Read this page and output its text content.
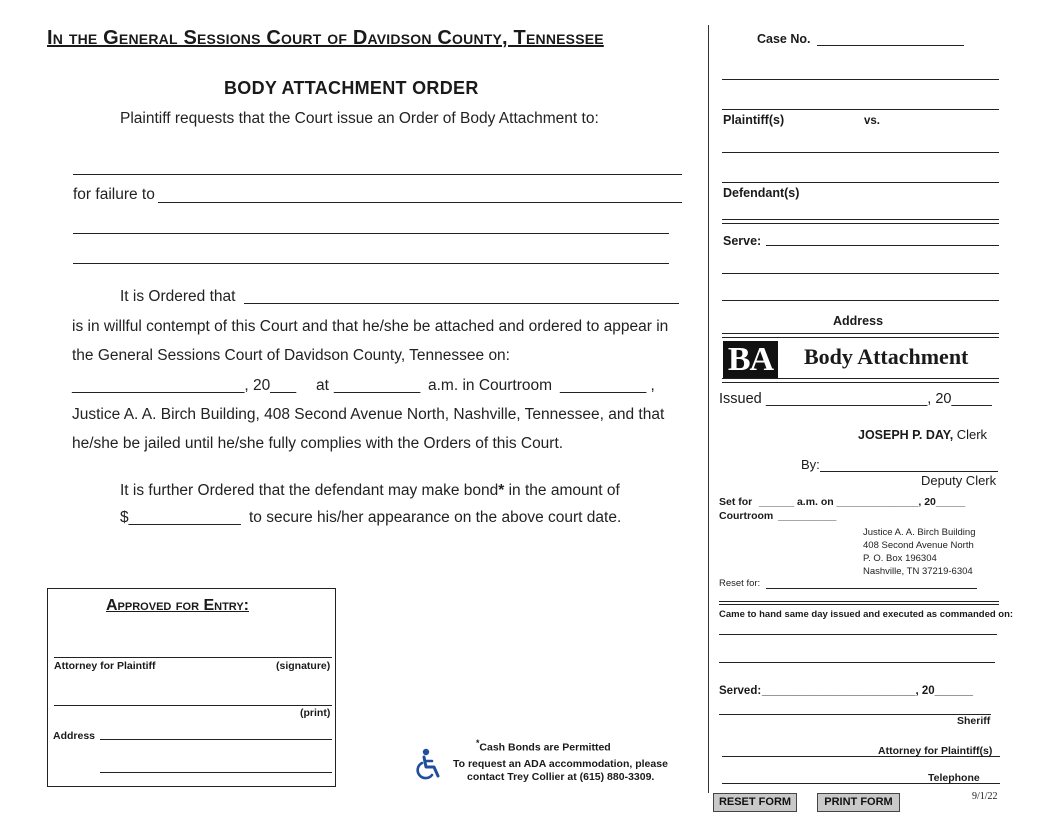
In the General Sessions Court of Davidson County, Tennessee
BODY ATTACHMENT ORDER
Plaintiff requests that the Court issue an Order of Body Attachment to:
for failure to
It is Ordered that
is in willful contempt of this Court and that he/she be attached and ordered to appear in
the General Sessions Court of Davidson County, Tennessee on:
____________________, 20___ at __________ a.m. in Courtroom __________ ,
Justice A. A. Birch Building, 408 Second Avenue North, Nashville, Tennessee, and that
he/she be jailed until he/she fully complies with the Orders of this Court.
It is further Ordered that the defendant may make bond* in the amount of
$_____________ to secure his/her appearance on the above court date.
Approved for Entry:
Attorney for Plaintiff	(signature)
(print)
Address
*Cash Bonds are Permitted
To request an ADA accommodation, please
contact Trey Collier at (615) 880-3309.
Case No.
Plaintiff(s)	vs.
Defendant(s)
Serve:
Address
BA Body Attachment
Issued ____________________, 20_____
JOSEPH P. DAY, Clerk
By:
Deputy Clerk
Set for ______ a.m. on ______________, 20_____
Courtroom __________
Justice A. A. Birch Building
408 Second Avenue North
P. O. Box 196304
Nashville, TN 37219-6304
Reset for:
Came to hand same day issued and executed as commanded on:
Served: ________________________, 20______
Sheriff
Attorney for Plaintiff(s)
Telephone
9/1/22
RESET FORM	PRINT FORM
